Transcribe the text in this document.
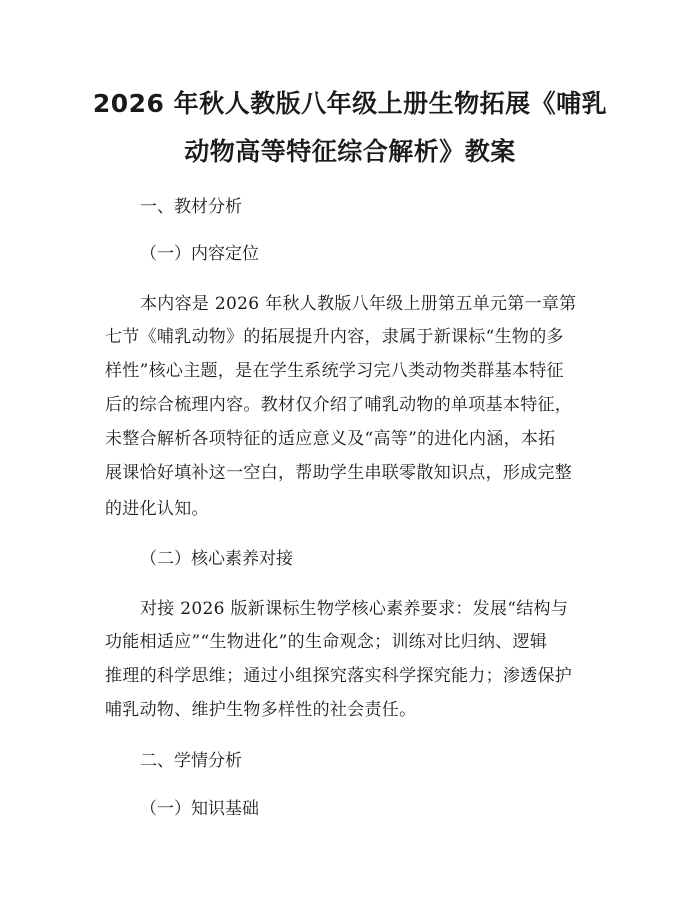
2026 年秋人教版八年级上册生物拓展《哺乳
动物高等特征综合解析》教案

一、教材分析

（一）内容定位

本内容是 2026 年秋人教版八年级上册第五单元第一章第

七节《哺乳动物》的拓展提升内容，隶属于新课标“生物的多

样性”核心主题，是在学生系统学习完八类动物类群基本特征

后的综合梳理内容。教材仅介绍了哺乳动物的单项基本特征，

未整合解析各项特征的适应意义及“高等”的进化内涵，本拓

展课恰好填补这一空白，帮助学生串联零散知识点，形成完整

的进化认知。

（二）核心素养对接

对接 2026 版新课标生物学核心素养要求：发展“结构与

功能相适应”“生物进化”的生命观念；训练对比归纳、逻辑

推理的科学思维；通过小组探究落实科学探究能力；渗透保护

哺乳动物、维护生物多样性的社会责任。

二、学情分析

（一）知识基础
